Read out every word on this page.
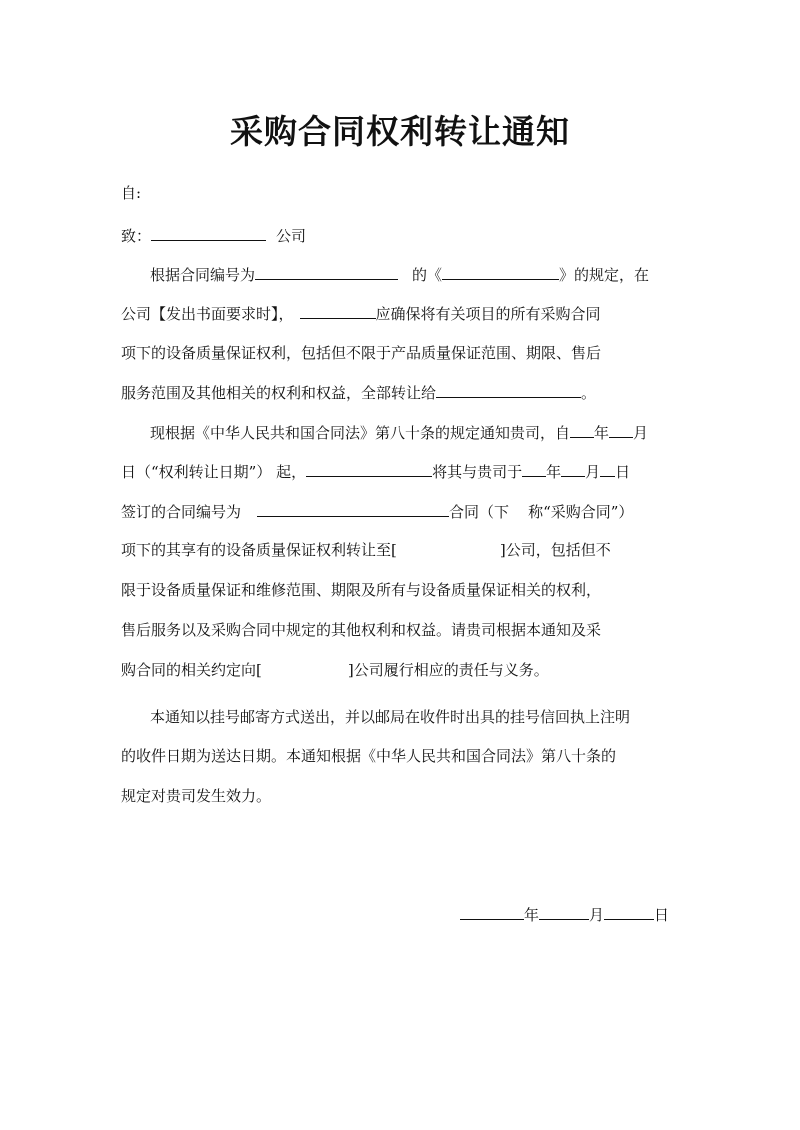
采购合同权利转让通知
自:
致：	公司
根据合同编号为	的《	》的规定，在
公司【发出书面要求时】，	应确保将有关项目的所有采购合同
项下的设备质量保证权利，包括但不限于产品质量保证范围、期限、售后
服务范围及其他相关的权利和权益，全部转让给	。
现根据《中华人民共和国合同法》第八十条的规定通知贵司，自 年 月
日（“权利转让日期”） 起，	将其与贵司于 年 月 日
签订的合同编号为	合同（下    称“采购合同”）
项下的其享有的设备质量保证权利转让至[	]公司，包括但不
限于设备质量保证和维修范围、期限及所有与设备质量保证相关的权利，
售后服务以及采购合同中规定的其他权利和权益。请贵司根据本通知及采
购合同的相关约定向[	]公司履行相应的责任与义务。
本通知以挂号邮寄方式送出，并以邮局在收件时出具的挂号信回执上注明
的收件日期为送达日期。本通知根据《中华人民共和国合同法》第八十条的
规定对贵司发生效力。
年	月	日
